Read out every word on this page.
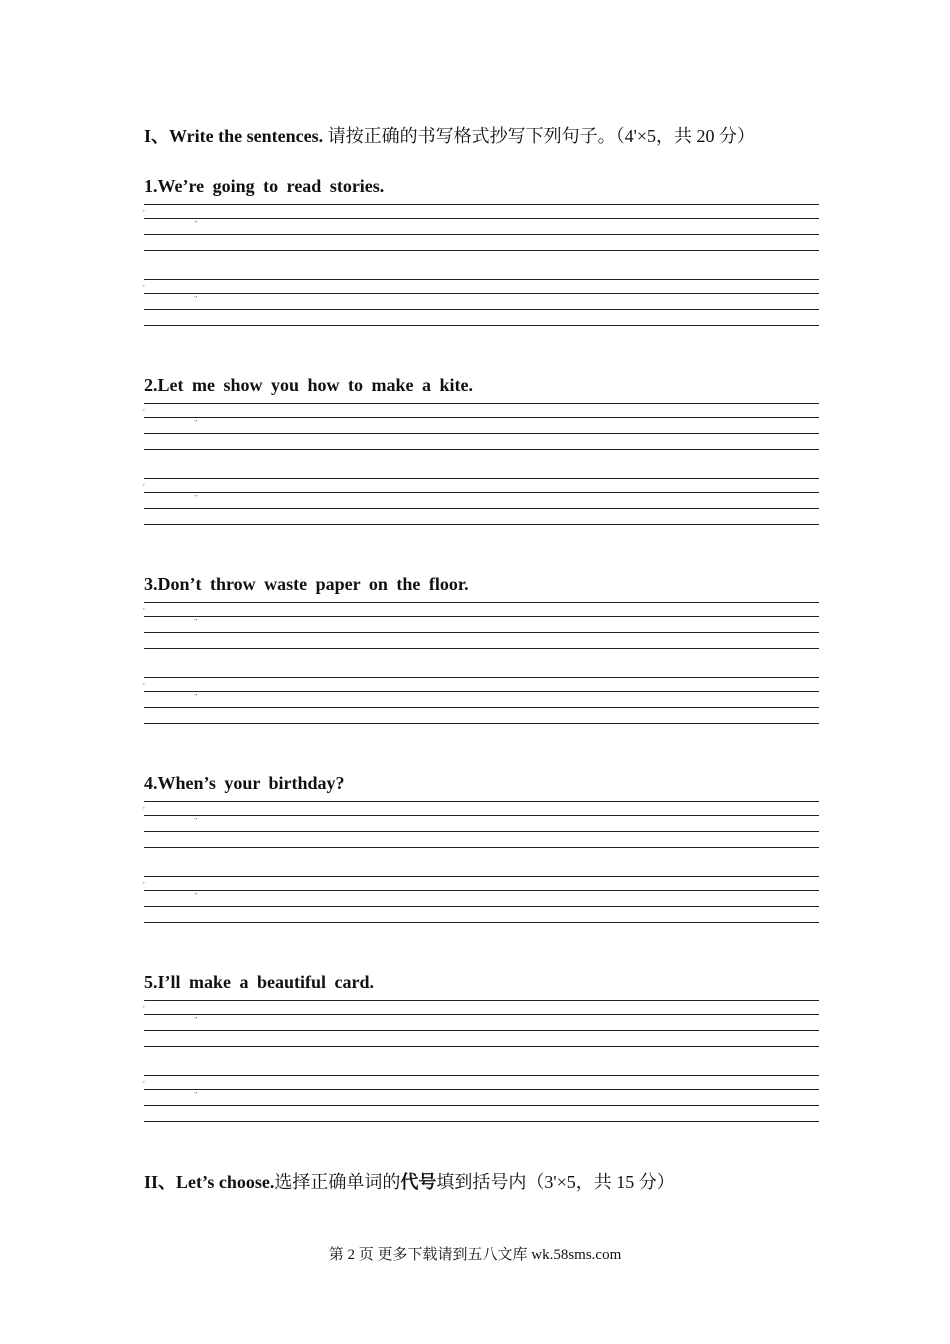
I、Write the sentences. 请按正确的书写格式抄写下列句子。（4'×5，共 20 分）
1.We’re going to read stories.
,
.,
,
.,
2.Let me show you how to make a kite.
,
.,
,
.,
3.Don’t throw waste paper on the floor.
,
.,
,
.,
4.When’s your birthday?
,
.,
,
.,
5.I’ll make a beautiful card.
,
.,
,
.,
II、Let’s choose.选择正确单词的代号填到括号内（3'×5，共 15 分）
第 2 页 更多下载请到五八文库 wk.58sms.com
